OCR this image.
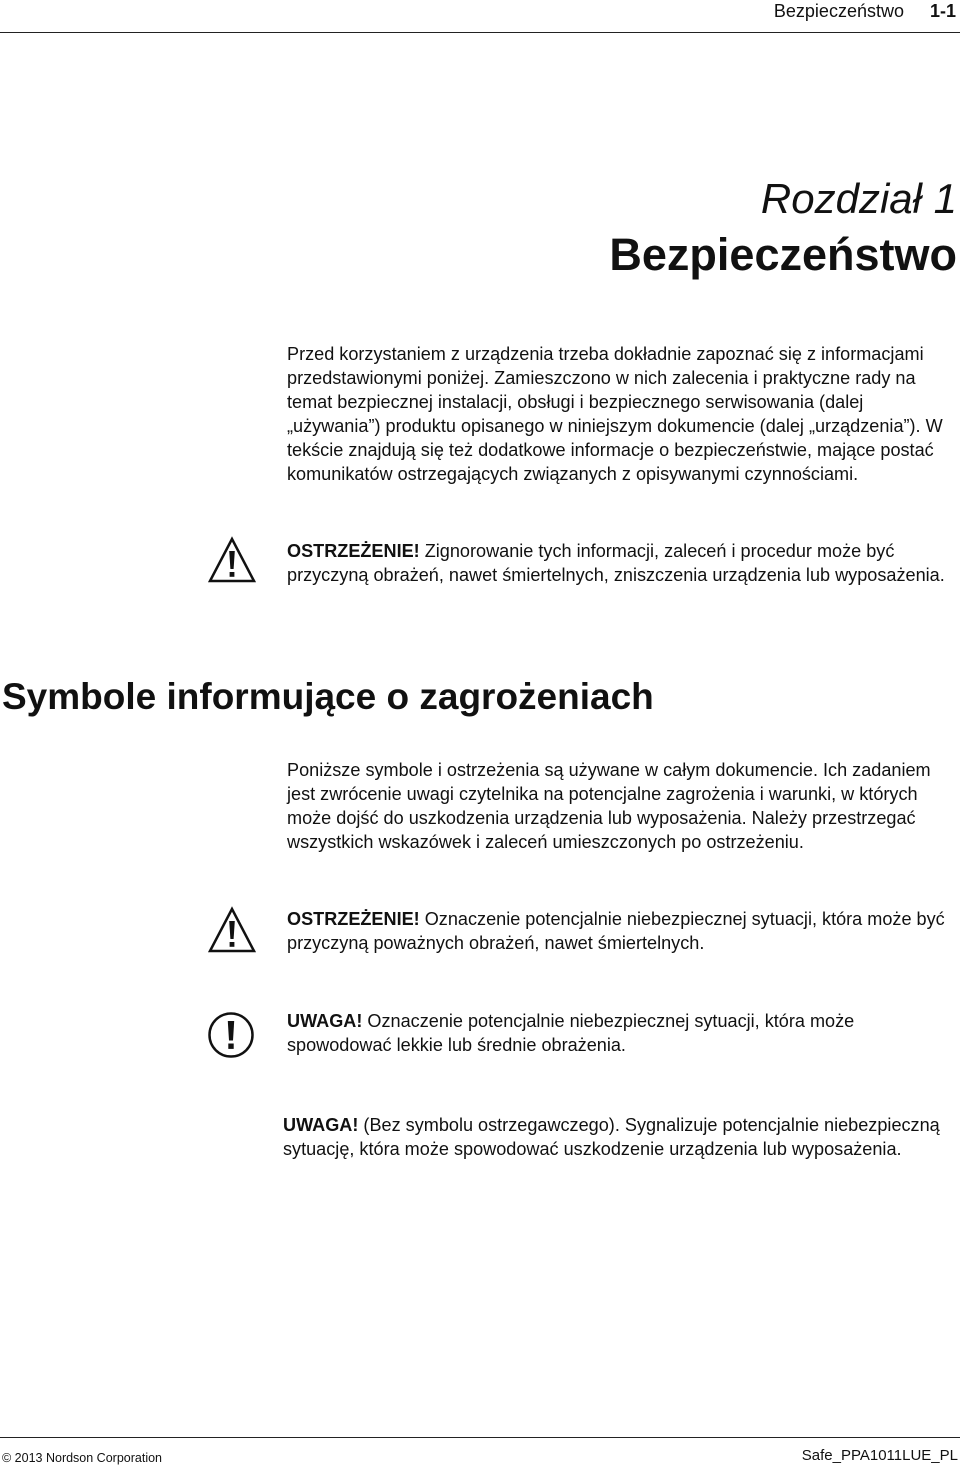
Bezpieczeństwo 1-1
Rozdział 1
Bezpieczeństwo

Przed korzystaniem z urządzenia trzeba dokładnie zapoznać się z informacjami przedstawionymi poniżej. Zamieszczono w nich zalecenia i praktyczne rady na temat bezpiecznej instalacji, obsługi i bezpiecznego serwisowania (dalej „używania”) produktu opisanego w niniejszym dokumencie (dalej „urządzenia”). W tekście znajdują się też dodatkowe informacje o bezpieczeństwie, mające postać komunikatów ostrzegających związanych z opisywanymi czynnościami.

OSTRZEŻENIE! Zignorowanie tych informacji, zaleceń i procedur może być przyczyną obrażeń, nawet śmiertelnych, zniszczenia urządzenia lub wyposażenia.

Symbole informujące o zagrożeniach

Poniższe symbole i ostrzeżenia są używane w całym dokumencie. Ich zadaniem jest zwrócenie uwagi czytelnika na potencjalne zagrożenia i warunki, w których może dojść do uszkodzenia urządzenia lub wyposażenia. Należy przestrzegać wszystkich wskazówek i zaleceń umieszczonych po ostrzeżeniu.

OSTRZEŻENIE! Oznaczenie potencjalnie niebezpiecznej sytuacji, która może być przyczyną poważnych obrażeń, nawet śmiertelnych.

UWAGA! Oznaczenie potencjalnie niebezpiecznej sytuacji, która może spowodować lekkie lub średnie obrażenia.

UWAGA! (Bez symbolu ostrzegawczego). Sygnalizuje potencjalnie niebezpieczną sytuację, która może spowodować uszkodzenie urządzenia lub wyposażenia.

© 2013 Nordson Corporation	Safe_PPA1011LUE_PL
